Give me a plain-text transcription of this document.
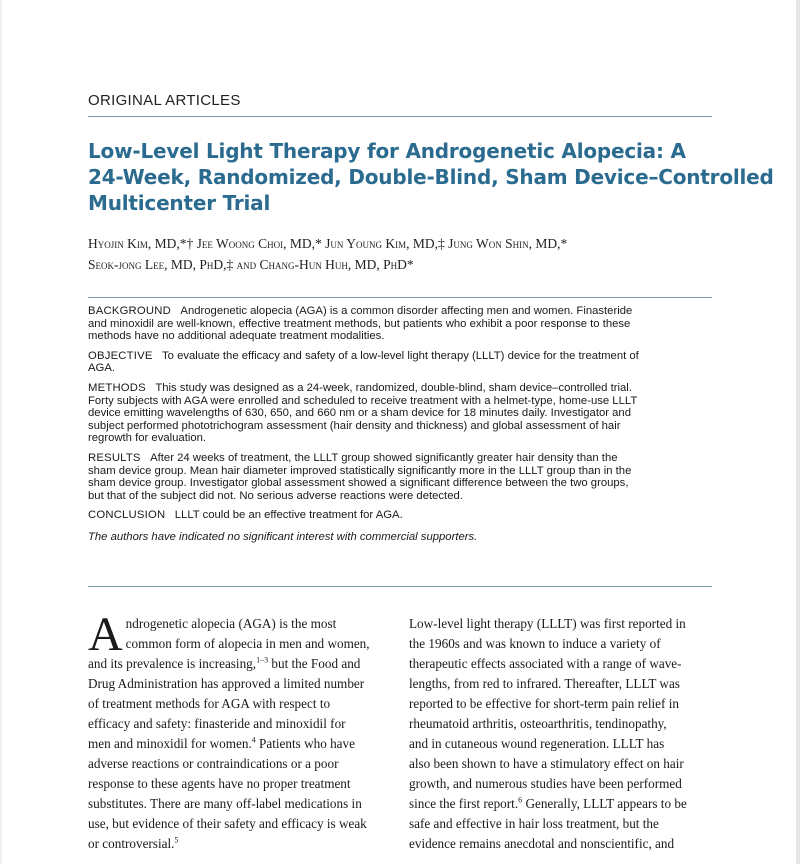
ORIGINAL ARTICLES
Low-Level Light Therapy for Androgenetic Alopecia: A
24-Week, Randomized, Double-Blind, Sham Device–Controlled
Multicenter Trial
Hyojin Kim, MD,*† Jee Woong Choi, MD,* Jun Young Kim, MD,‡ Jung Won Shin, MD,*
Seok-jong Lee, MD, PhD,‡ and Chang-Hun Huh, MD, PhD*

BACKGROUND Androgenetic alopecia (AGA) is a common disorder affecting men and women. Finasteride
and minoxidil are well-known, effective treatment methods, but patients who exhibit a poor response to these
methods have no additional adequate treatment modalities.

OBJECTIVE To evaluate the efficacy and safety of a low-level light therapy (LLLT) device for the treatment of
AGA.

METHODS This study was designed as a 24-week, randomized, double-blind, sham device–controlled trial.
Forty subjects with AGA were enrolled and scheduled to receive treatment with a helmet-type, home-use LLLT
device emitting wavelengths of 630, 650, and 660 nm or a sham device for 18 minutes daily. Investigator and
subject performed phototrichogram assessment (hair density and thickness) and global assessment of hair
regrowth for evaluation.

RESULTS After 24 weeks of treatment, the LLLT group showed significantly greater hair density than the
sham device group. Mean hair diameter improved statistically significantly more in the LLLT group than in the
sham device group. Investigator global assessment showed a significant difference between the two groups,
but that of the subject did not. No serious adverse reactions were detected.

CONCLUSION LLLT could be an effective treatment for AGA.

The authors have indicated no significant interest with commercial supporters.

A ndrogenetic alopecia (AGA) is the most
common form of alopecia in men and women,
and its prevalence is increasing,$^{1-3}$ but the Food and
Drug Administration has approved a limited number
of treatment methods for AGA with respect to
efficacy and safety: finasteride and minoxidil for
men and minoxidil for women.$^4$ Patients who have
adverse reactions or contraindications or a poor
response to these agents have no proper treatment
substitutes. There are many off-label medications in
use, but evidence of their safety and efficacy is weak
or controversial.$^5$
Low-level light therapy (LLLT) was first reported in
the 1960s and was known to induce a variety of
therapeutic effects associated with a range of wave-
lengths, from red to infrared. Thereafter, LLLT was
reported to be effective for short-term pain relief in
rheumatoid arthritis, osteoarthritis, tendinopathy,
and in cutaneous wound regeneration. LLLT has
also been shown to have a stimulatory effect on hair
growth, and numerous studies have been performed
since the first report.$^6$ Generally, LLLT appears to be
safe and effective in hair loss treatment, but the
evidence remains anecdotal and nonscientific, and
